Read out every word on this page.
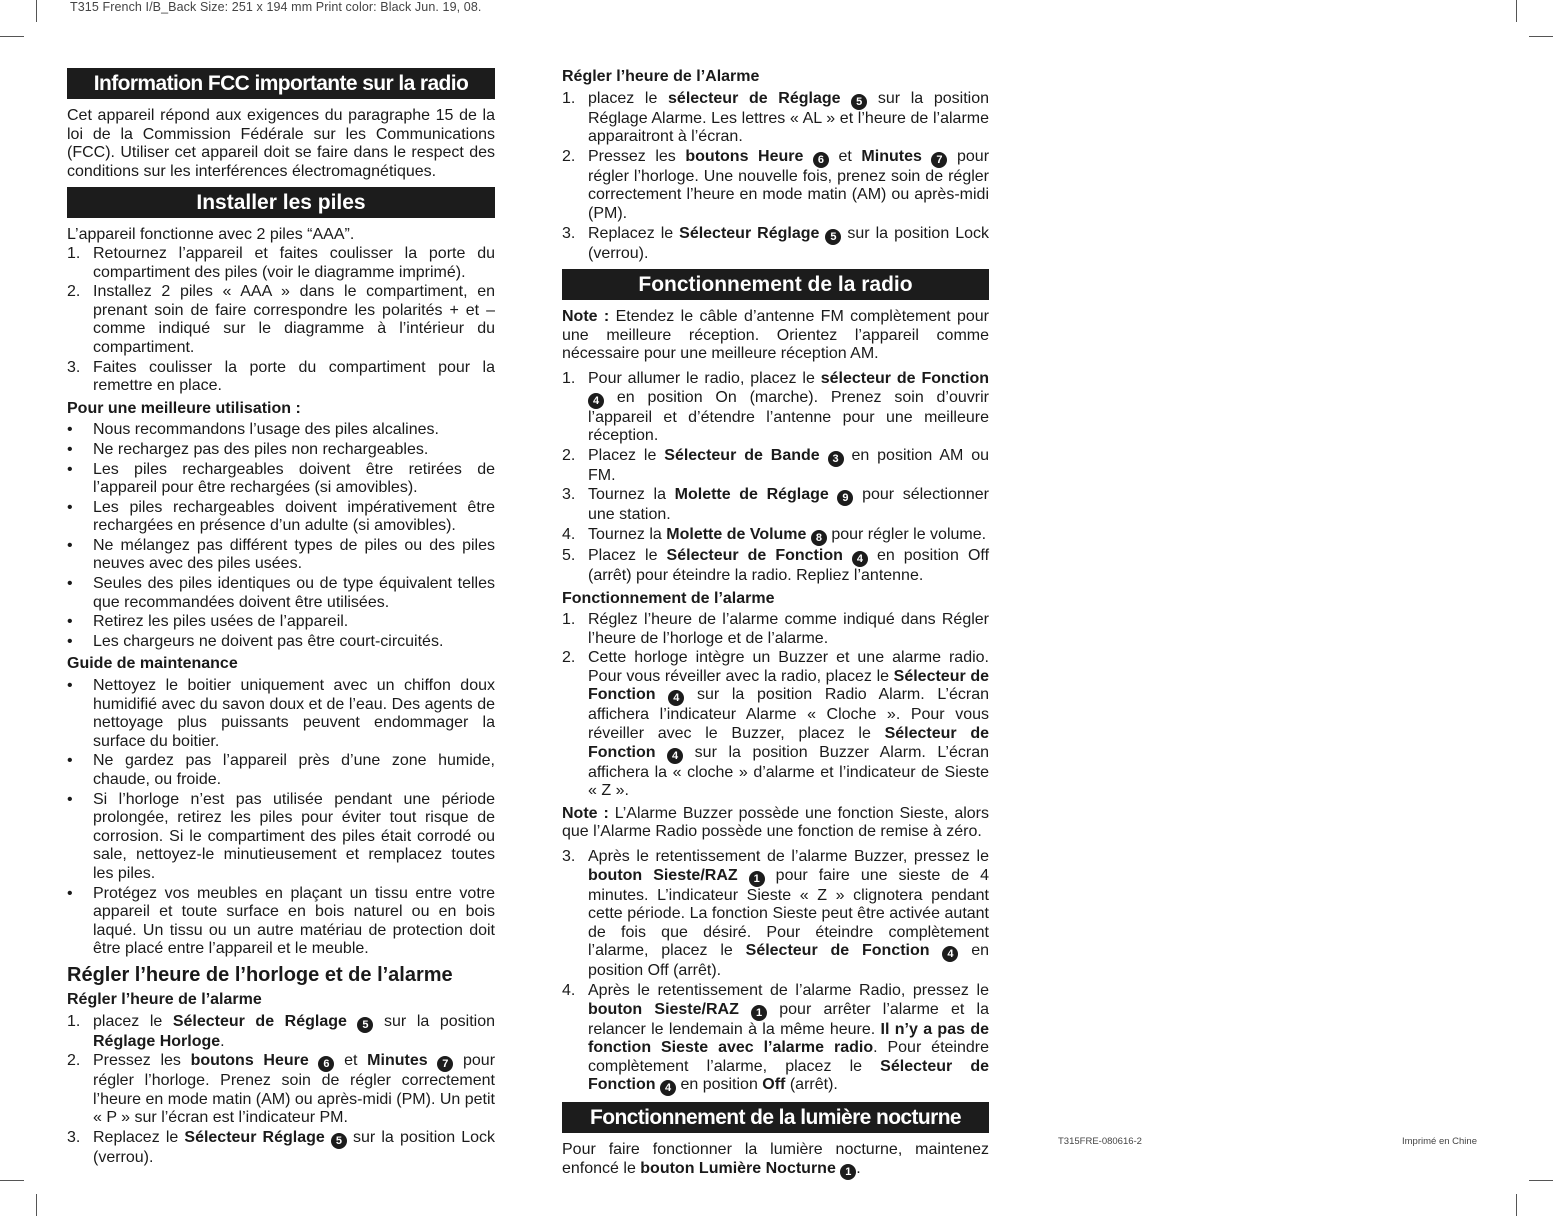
T315 French I/B_Back Size: 251 x 194 mm Print color: Black Jun. 19, 08.
Information FCC importante sur la radio

Cet appareil répond aux exigences du paragraphe 15 de la loi de la Commission Fédérale sur les Communications (FCC). Utiliser cet appareil doit se faire dans le respect des conditions sur les interférences électromagnétiques.

Installer les piles

L’appareil fonctionne avec 2 piles “AAA”.

1. Retournez l’appareil et faites coulisser la porte du compartiment des piles (voir le diagramme imprimé).
2. Installez 2 piles « AAA » dans le compartiment, en prenant soin de faire correspondre les polarités + et – comme indiqué sur le diagramme à l’intérieur du compartiment.
3. Faites coulisser la porte du compartiment pour la remettre en place.
Pour une meilleure utilisation :
• Nous recommandons l’usage des piles alcalines.
• Ne rechargez pas des piles non rechargeables.
• Les piles rechargeables doivent être retirées de l’appareil pour être rechargées (si amovibles).
• Les piles rechargeables doivent impérativement être rechargées en présence d’un adulte (si amovibles).
• Ne mélangez pas différent types de piles ou des piles neuves avec des piles usées.
• Seules des piles identiques ou de type équivalent telles que recommandées doivent être utilisées.
• Retirez les piles usées de l’appareil.
• Les chargeurs ne doivent pas être court-circuités.
Guide de maintenance
• Nettoyez le boitier uniquement avec un chiffon doux humidifié avec du savon doux et de l’eau. Des agents de nettoyage plus puissants peuvent endommager la surface du boitier.
• Ne gardez pas l’appareil près d’une zone humide, chaude, ou froide.
• Si l’horloge n’est pas utilisée pendant une période prolongée, retirez les piles pour éviter tout risque de corrosion. Si le compartiment des piles était corrodé ou sale, nettoyez-le minutieusement et remplacez toutes les piles.
• Protégez vos meubles en plaçant un tissu entre votre appareil et toute surface en bois naturel ou en bois laqué. Un tissu ou un autre matériau de protection doit être placé entre l’appareil et le meuble.
Régler l’heure de l’horloge et de l’alarme
Régler l’heure de l’alarme
1. placez le Sélecteur de Réglage 5 sur la position Réglage Horloge.
2. Pressez les boutons Heure 6 et Minutes 7 pour régler l’horloge. Prenez soin de régler correctement l’heure en mode matin (AM) ou après-midi (PM). Un petit « P » sur l’écran est l’indicateur PM.
3. Replacez le Sélecteur Réglage 5 sur la position Lock (verrou).
Régler l’heure de l’Alarme
1. placez le sélecteur de Réglage 5 sur la position Réglage Alarme. Les lettres « AL » et l’heure de l’alarme apparaitront à l’écran.
2. Pressez les boutons Heure 6 et Minutes 7 pour régler l’horloge. Une nouvelle fois, prenez soin de régler correctement l’heure en mode matin (AM) ou après-midi (PM).
3. Replacez le Sélecteur Réglage 5 sur la position Lock (verrou).
Fonctionnement de la radio

Note : Etendez le câble d’antenne FM complètement pour une meilleure réception. Orientez l’appareil comme nécessaire pour une meilleure réception AM.

1. Pour allumer le radio, placez le sélecteur de Fonction 4 en position On (marche). Prenez soin d’ouvrir l’appareil et d’étendre l’antenne pour une meilleure réception.
2. Placez le Sélecteur de Bande 3 en position AM ou FM.
3. Tournez la Molette de Réglage 9 pour sélectionner une station.
4. Tournez la Molette de Volume 8 pour régler le volume.
5. Placez le Sélecteur de Fonction 4 en position Off (arrêt) pour éteindre la radio. Repliez l’antenne.
Fonctionnement de l’alarme
1. Réglez l’heure de l’alarme comme indiqué dans Régler l’heure de l’horloge et de l’alarme.
2. Cette horloge intègre un Buzzer et une alarme radio. Pour vous réveiller avec la radio, placez le Sélecteur de Fonction 4 sur la position Radio Alarm. L’écran affichera l’indicateur Alarme « Cloche ». Pour vous réveiller avec le Buzzer, placez le Sélecteur de Fonction 4 sur la position Buzzer Alarm. L’écran affichera la « cloche » d’alarme et l’indicateur de Sieste « Z ».

Note : L’Alarme Buzzer possède une fonction Sieste, alors que l’Alarme Radio possède une fonction de remise à zéro.

3. Après le retentissement de l’alarme Buzzer, pressez le bouton Sieste/RAZ 1 pour faire une sieste de 4 minutes. L’indicateur Sieste « Z » clignotera pendant cette période. La fonction Sieste peut être activée autant de fois que désiré. Pour éteindre complètement l’alarme, placez le Sélecteur de Fonction 4 en position Off (arrêt).
4. Après le retentissement de l’alarme Radio, pressez le bouton Sieste/RAZ 1 pour arrêter l’alarme et la relancer le lendemain à la même heure. Il n’y a pas de fonction Sieste avec l’alarme radio. Pour éteindre complètement l’alarme, placez le Sélecteur de Fonction 4 en position Off (arrêt).
Fonctionnement de la lumière nocturne

Pour faire fonctionner la lumière nocturne, maintenez enfoncé le bouton Lumière Nocturne 1 .

T315FRE-080616-2	Imprimé en Chine
